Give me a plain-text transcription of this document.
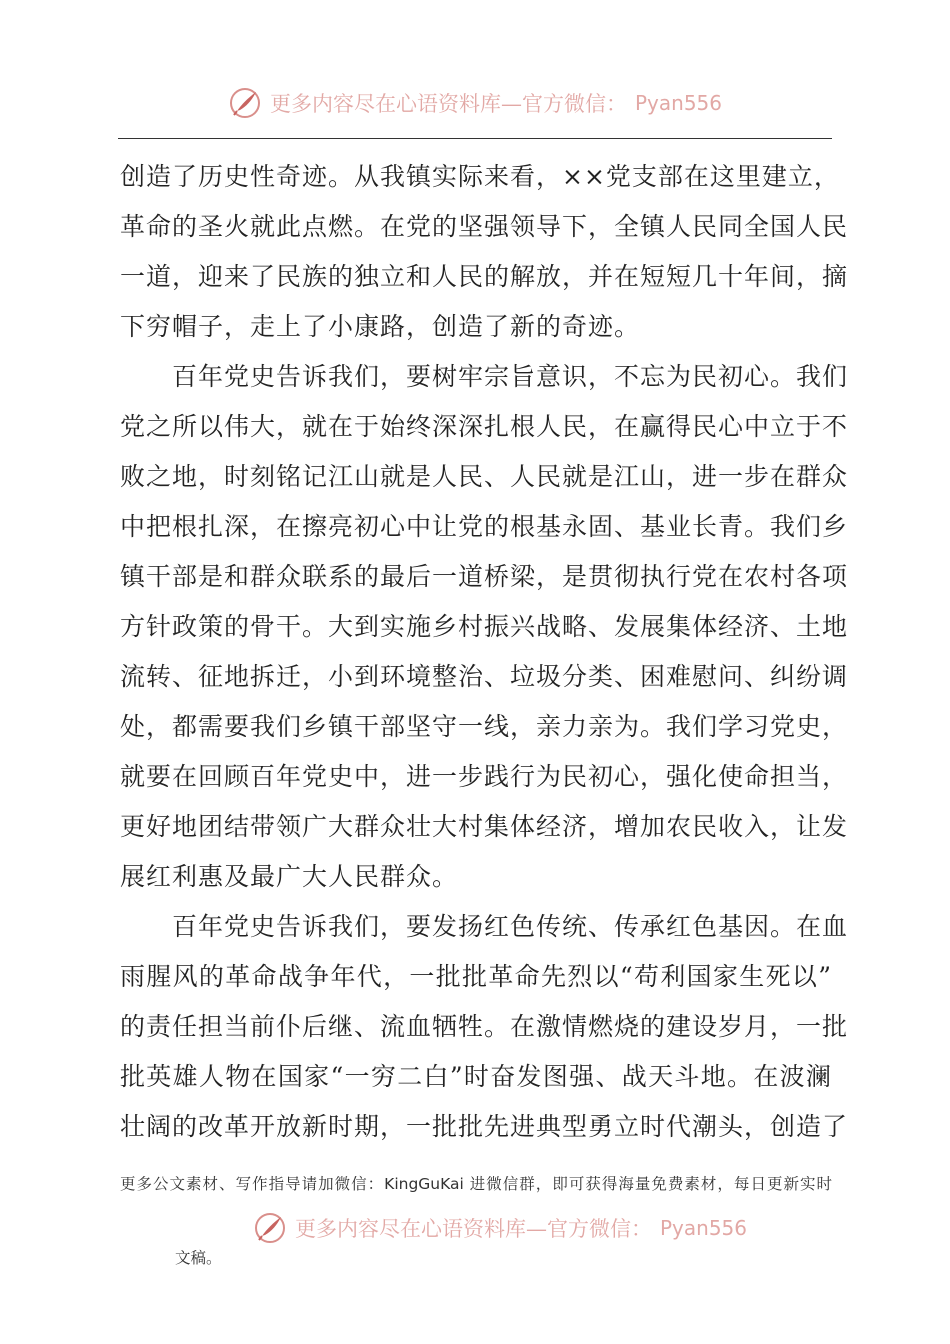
更多内容尽在心语资料库—官方微信： Pyan556
创造了历史性奇迹。从我镇实际来看，××党支部在这里建立，
革命的圣火就此点燃。在党的坚强领导下，全镇人民同全国人民
一道，迎来了民族的独立和人民的解放，并在短短几十年间，摘
下穷帽子，走上了小康路，创造了新的奇迹。
　　百年党史告诉我们，要树牢宗旨意识，不忘为民初心。我们
党之所以伟大，就在于始终深深扎根人民，在赢得民心中立于不
败之地，时刻铭记江山就是人民、人民就是江山，进一步在群众
中把根扎深，在擦亮初心中让党的根基永固、基业长青。我们乡
镇干部是和群众联系的最后一道桥梁，是贯彻执行党在农村各项
方针政策的骨干。大到实施乡村振兴战略、发展集体经济、土地
流转、征地拆迁，小到环境整治、垃圾分类、困难慰问、纠纷调
处，都需要我们乡镇干部坚守一线，亲力亲为。我们学习党史，
就要在回顾百年党史中，进一步践行为民初心，强化使命担当，
更好地团结带领广大群众壮大村集体经济，增加农民收入，让发
展红利惠及最广大人民群众。
　　百年党史告诉我们，要发扬红色传统、传承红色基因。在血
雨腥风的革命战争年代，一批批革命先烈以“苟利国家生死以”
的责任担当前仆后继、流血牺牲。在激情燃烧的建设岁月，一批
批英雄人物在国家“一穷二白”时奋发图强、战天斗地。在波澜
壮阔的改革开放新时期，一批批先进典型勇立时代潮头，创造了
更多公文素材、写作指导请加微信：KingGuKai 进微信群，即可获得海量免费素材，每日更新实时
更多内容尽在心语资料库—官方微信： Pyan556
文稿。
